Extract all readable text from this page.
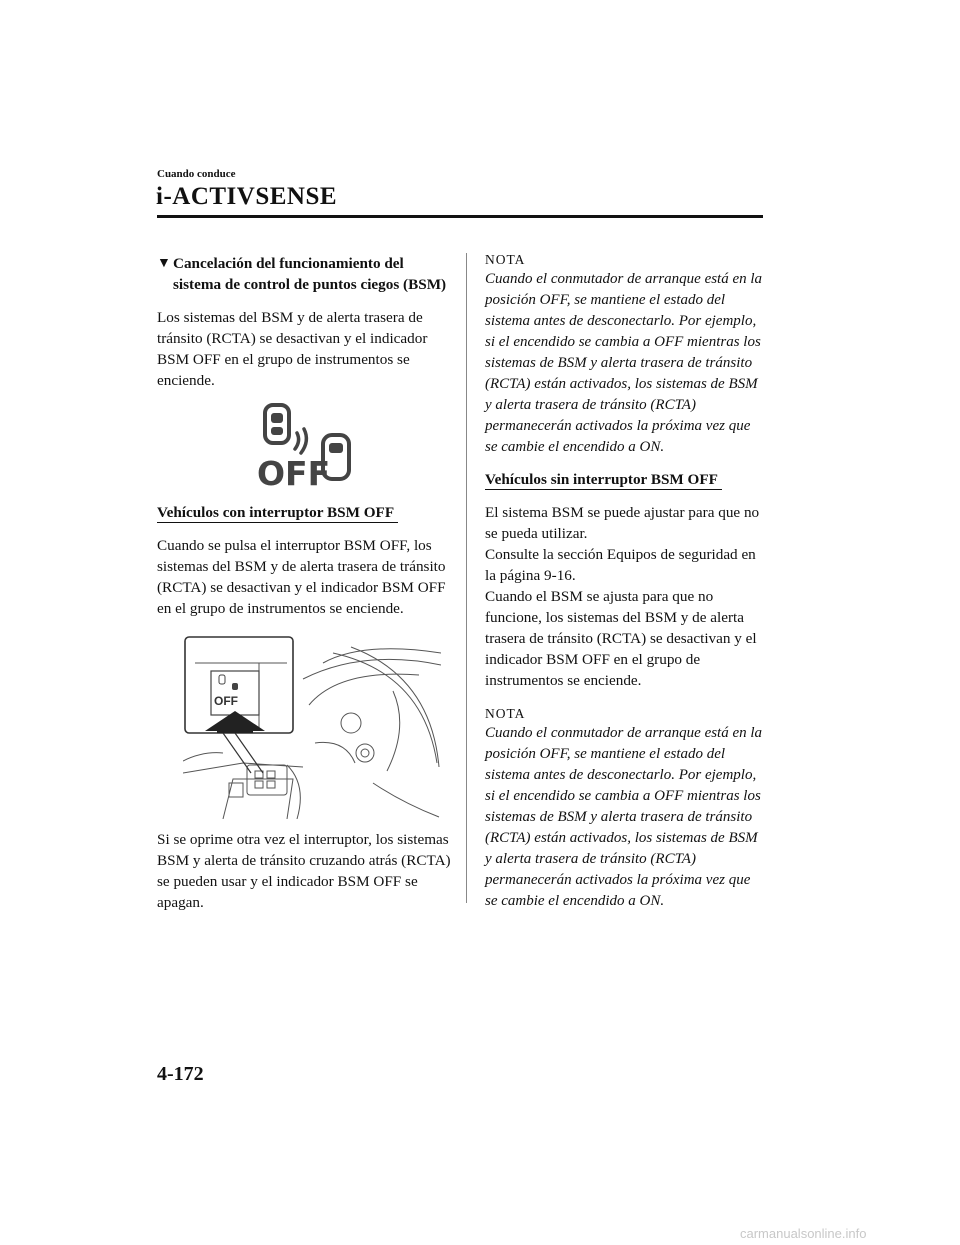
Cuando conduce
i-ACTIVSENSE

▼ Cancelación del funcionamiento del sistema de control de puntos ciegos (BSM)

Los sistemas del BSM y de alerta trasera de tránsito (RCTA) se desactivan y el indicador BSM OFF en el grupo de instrumentos se enciende.

OFF
Vehículos con interruptor BSM OFF

Cuando se pulsa el interruptor BSM OFF, los sistemas del BSM y de alerta trasera de tránsito (RCTA) se desactivan y el indicador BSM OFF en el grupo de instrumentos se enciende.

OFF

Si se oprime otra vez el interruptor, los sistemas BSM y alerta de tránsito cruzando atrás (RCTA) se pueden usar y el indicador BSM OFF se apagan.

NOTA

Cuando el conmutador de arranque está en la posición OFF, se mantiene el estado del sistema antes de desconectarlo. Por ejemplo, si el encendido se cambia a OFF mientras los sistemas de BSM y alerta trasera de tránsito (RCTA) están activados, los sistemas de BSM y alerta trasera de tránsito (RCTA) permanecerán activados la próxima vez que se cambie el encendido a ON.

Vehículos sin interruptor BSM OFF

El sistema BSM se puede ajustar para que no se pueda utilizar.

Consulte la sección Equipos de seguridad en la página 9-16.

Cuando el BSM se ajusta para que no funcione, los sistemas del BSM y de alerta trasera de tránsito (RCTA) se desactivan y el indicador BSM OFF en el grupo de instrumentos se enciende.

NOTA

Cuando el conmutador de arranque está en la posición OFF, se mantiene el estado del sistema antes de desconectarlo. Por ejemplo, si el encendido se cambia a OFF mientras los sistemas de BSM y alerta trasera de tránsito (RCTA) están activados, los sistemas de BSM y alerta trasera de tránsito (RCTA) permanecerán activados la próxima vez que se cambie el encendido a ON.

4-172
carmanualsonline.info
